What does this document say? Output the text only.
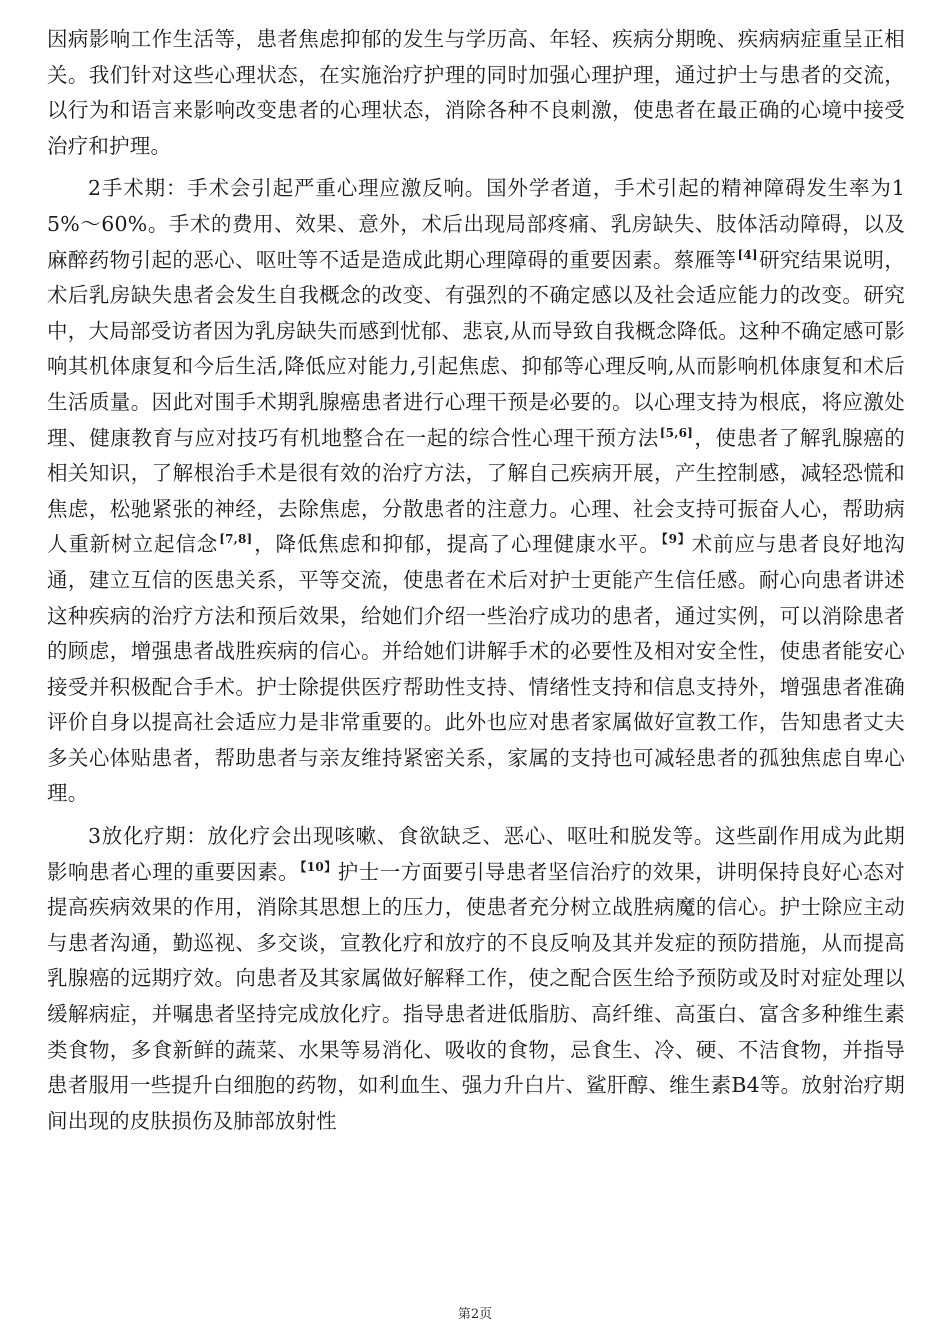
因病影响工作生活等，患者焦虑抑郁的发生与学历高、年轻、疾病分期晚、疾病病症重呈正相关。我们针对这些心理状态，在实施治疗护理的同时加强心理护理，通过护士与患者的交流，以行为和语言来影响改变患者的心理状态，消除各种不良刺激，使患者在最正确的心境中接受治疗和护理。

2手术期：手术会引起严重心理应激反响。国外学者道，手术引起的精神障碍发生率为15%～60%。手术的费用、效果、意外，术后出现局部疼痛、乳房缺失、肢体活动障碍，以及麻醉药物引起的恶心、呕吐等不适是造成此期心理障碍的重要因素。蔡雁等[4]研究结果说明，术后乳房缺失患者会发生自我概念的改变、有强烈的不确定感以及社会适应能力的改变。研究中，大局部受访者因为乳房缺失而感到忧郁、悲哀,从而导致自我概念降低。这种不确定感可影响其机体康复和今后生活,降低应对能力,引起焦虑、抑郁等心理反响,从而影响机体康复和术后生活质量。因此对围手术期乳腺癌患者进行心理干预是必要的。以心理支持为根底，将应激处理、健康教育与应对技巧有机地整合在一起的综合性心理干预方法[5,6]，使患者了解乳腺癌的相关知识，了解根治手术是很有效的治疗方法，了解自己疾病开展，产生控制感，减轻恐慌和焦虑，松驰紧张的神经，去除焦虑，分散患者的注意力。心理、社会支持可振奋人心，帮助病人重新树立起信念[7,8]，降低焦虑和抑郁，提高了心理健康水平。$^{【9】}$术前应与患者良好地沟通，建立互信的医患关系，平等交流，使患者在术后对护士更能产生信任感。耐心向患者讲述这种疾病的治疗方法和预后效果，给她们介绍一些治疗成功的患者，通过实例，可以消除患者的顾虑，增强患者战胜疾病的信心。并给她们讲解手术的必要性及相对安全性，使患者能安心接受并积极配合手术。护士除提供医疗帮助性支持、情绪性支持和信息支持外，增强患者准确评价自身以提高社会适应力是非常重要的。此外也应对患者家属做好宣教工作，告知患者丈夫多关心体贴患者，帮助患者与亲友维持紧密关系，家属的支持也可减轻患者的孤独焦虑自卑心理。

3放化疗期：放化疗会出现咳嗽、食欲缺乏、恶心、呕吐和脱发等。这些副作用成为此期影响患者心理的重要因素。$^{【10】}$护士一方面要引导患者坚信治疗的效果，讲明保持良好心态对提高疾病效果的作用，消除其思想上的压力，使患者充分树立战胜病魔的信心。护士除应主动与患者沟通，勤巡视、多交谈，宣教化疗和放疗的不良反响及其并发症的预防措施，从而提高乳腺癌的远期疗效。向患者及其家属做好解释工作，使之配合医生给予预防或及时对症处理以缓解病症，并嘱患者坚持完成放化疗。指导患者进低脂肪、高纤维、高蛋白、富含多种维生素类食物，多食新鲜的蔬菜、水果等易消化、吸收的食物，忌食生、冷、硬、不洁食物，并指导患者服用一些提升白细胞的药物，如利血生、强力升白片、鲨肝醇、维生素B4等。放射治疗期间出现的皮肤损伤及肺部放射性

第2页
